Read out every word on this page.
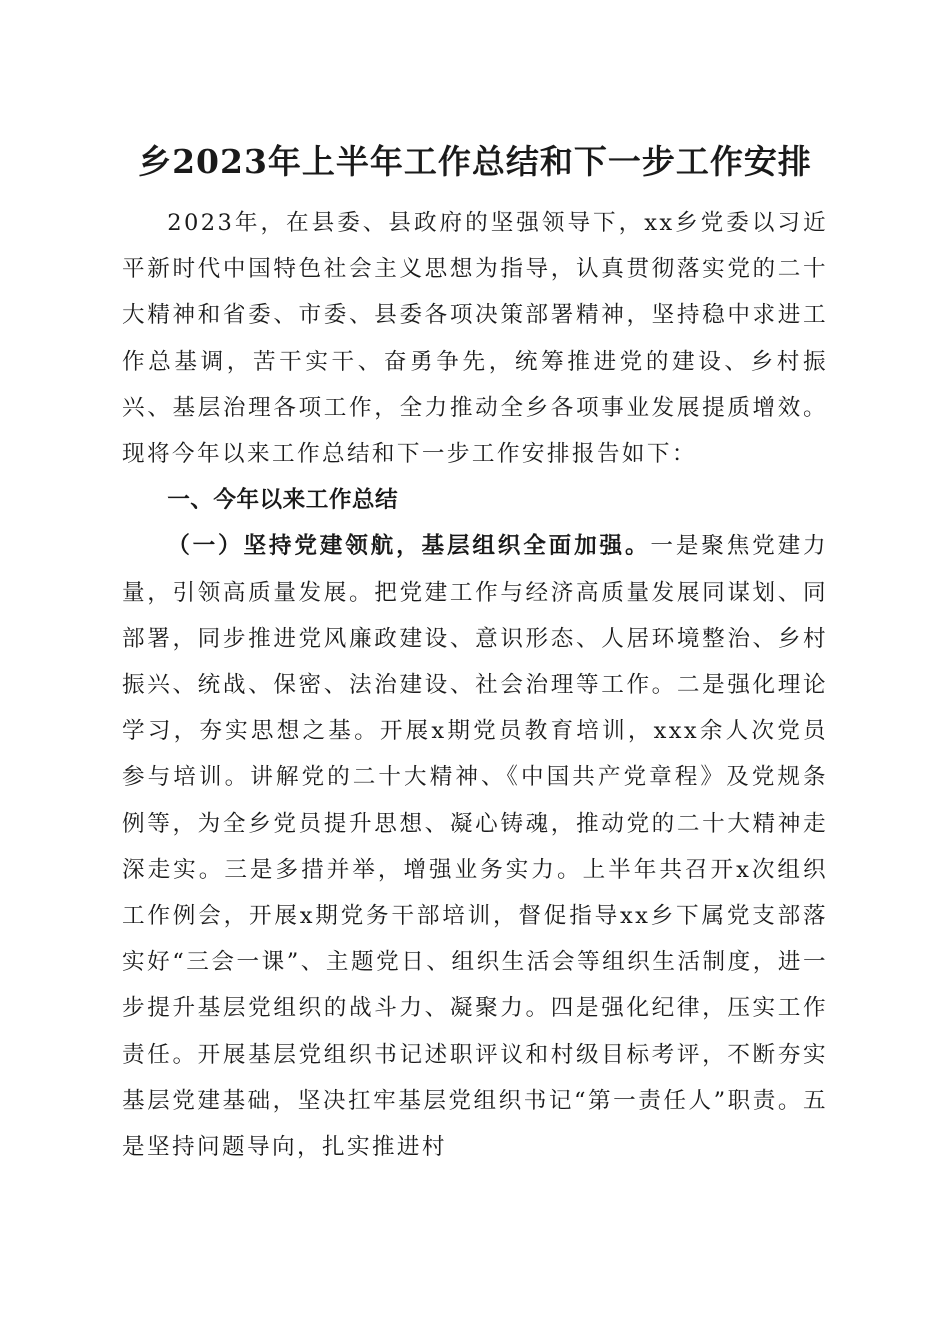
乡2023年上半年工作总结和下一步工作安排

2023年，在县委、县政府的坚强领导下，xx乡党委以习近平新时代中国特色社会主义思想为指导，认真贯彻落实党的二十大精神和省委、市委、县委各项决策部署精神，坚持稳中求进工作总基调，苦干实干、奋勇争先，统筹推进党的建设、乡村振兴、基层治理各项工作，全力推动全乡各项事业发展提质增效。现将今年以来工作总结和下一步工作安排报告如下：

一、今年以来工作总结

（一）坚持党建领航，基层组织全面加强。一是聚焦党建力量，引领高质量发展。把党建工作与经济高质量发展同谋划、同部署，同步推进党风廉政建设、意识形态、人居环境整治、乡村振兴、统战、保密、法治建设、社会治理等工作。二是强化理论学习，夯实思想之基。开展x期党员教育培训，xxx余人次党员参与培训。讲解党的二十大精神、《中国共产党章程》及党规条例等，为全乡党员提升思想、凝心铸魂，推动党的二十大精神走深走实。三是多措并举，增强业务实力。上半年共召开x次组织工作例会，开展x期党务干部培训，督促指导xx乡下属党支部落实好“三会一课”、主题党日、组织生活会等组织生活制度，进一步提升基层党组织的战斗力、凝聚力。四是强化纪律，压实工作责任。开展基层党组织书记述职评议和村级目标考评，不断夯实基层党建基础，坚决扛牢基层党组织书记“第一责任人”职责。五是坚持问题导向，扎实推进村
